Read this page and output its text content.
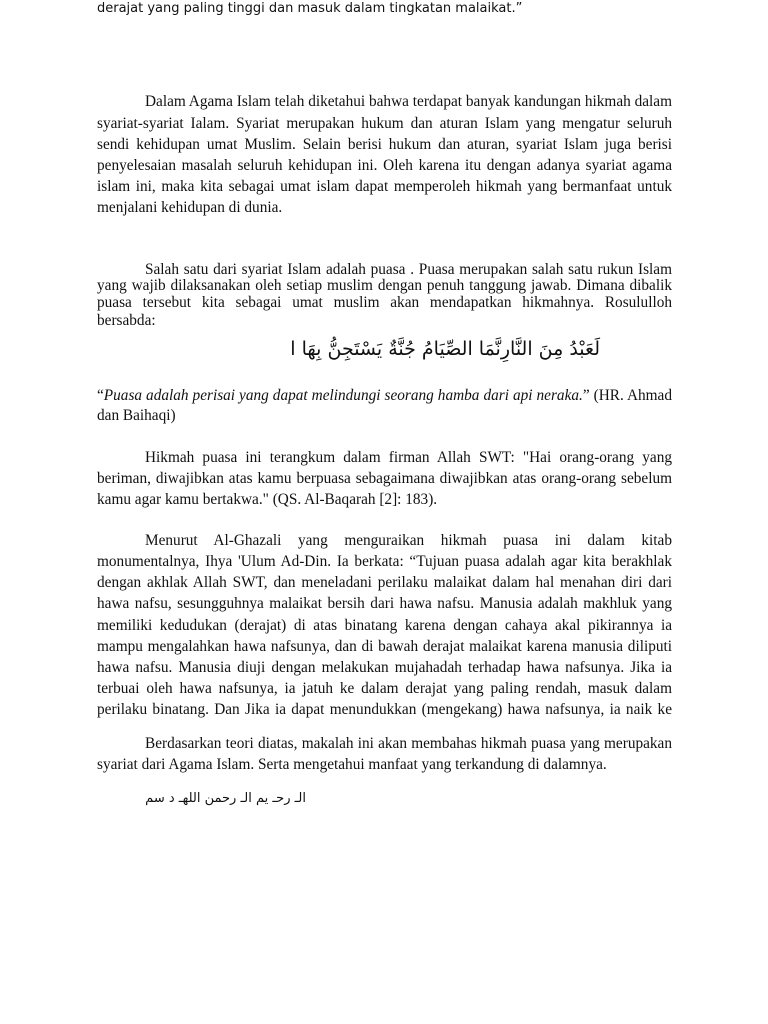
Dalam Agama Islam telah diketahui bahwa terdapat banyak kandungan hikmah dalam
syariat-syariat Ialam. Syariat merupakan hukum dan aturan Islam yang mengatur seluruh
sendi kehidupan umat Muslim. Selain berisi hukum dan aturan, syariat Islam juga berisi
penyelesaian masalah seluruh kehidupan ini. Oleh karena itu dengan adanya syariat agama
islam ini, maka kita sebagai umat islam dapat memperoleh hikmah yang bermanfaat untuk
menjalani kehidupan di dunia.
Salah satu dari syariat Islam adalah puasa . Puasa merupakan salah satu rukun Islam
yang wajib dilaksanakan oleh setiap muslim dengan penuh tanggung jawab. Dimana dibalik
puasa tersebut kita sebagai umat muslim akan mendapatkan hikmahnya. Rosululloh
bersabda:
Hikmah puasa ini terangkum dalam firman Allah SWT: "Hai orang-orang yang
beriman, diwajibkan atas kamu berpuasa sebagaimana diwajibkan atas orang-orang sebelum
kamu agar kamu bertakwa." (QS. Al-Baqarah [2]: 183).
Menurut Al-Ghazali yang menguraikan hikmah puasa ini dalam kitab
monumentalnya, Ihya 'Ulum Ad-Din. Ia berkata: “Tujuan puasa adalah agar kita berakhlak
dengan akhlak Allah SWT, dan meneladani perilaku malaikat dalam hal menahan diri dari
hawa nafsu, sesungguhnya malaikat bersih dari hawa nafsu. Manusia adalah makhluk yang
memiliki kedudukan (derajat) di atas binatang karena dengan cahaya akal pikirannya ia
mampu mengalahkan hawa nafsunya, dan di bawah derajat malaikat karena manusia diliputi
hawa nafsu. Manusia diuji dengan melakukan mujahadah terhadap hawa nafsunya. Jika ia
terbuai oleh hawa nafsunya, ia jatuh ke dalam derajat yang paling rendah, masuk dalam
perilaku binatang. Dan Jika ia dapat menundukkan (mengekang) hawa nafsunya, ia naik ke
derajat yang paling tinggi dan masuk dalam tingkatan malaikat.”
Berdasarkan teori diatas, makalah ini akan membahas hikmah puasa yang merupakan
syariat dari Agama Islam. Serta mengetahui manfaat yang terkandung di dalamnya.
لَعَبْدُ مِنَ النَّارِنَّمَا الصِّيَامُ جُنَّةٌ يَسْتَجِنُّ بِهَا ا
“Puasa adalah perisai yang dapat melindungi seorang hamba dari api neraka.” (HR. Ahmad
dan Baihaqi)
الـ رحـ يم الـ رحمن اللهـ د سم
